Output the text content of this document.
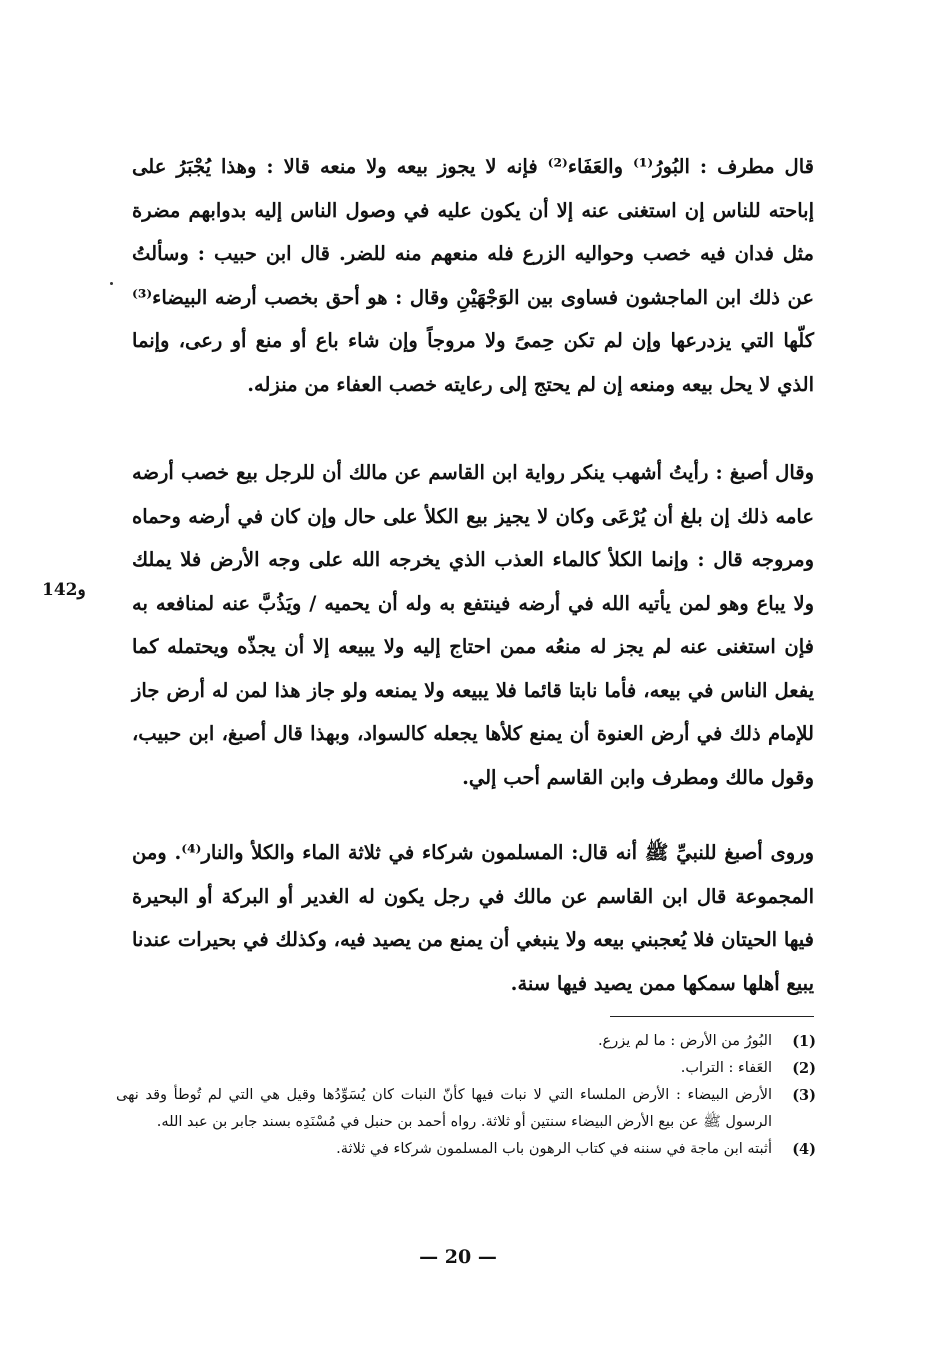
قال مطرف : البُورُ⁽¹⁾ والعَفَاء⁽²⁾ فإنه لا يجوز بيعه ولا منعه قالا : وهذا يُجْبَرُ على إباحته للناس إن استغنى عنه إلا أن يكون عليه في وصول الناس إليه بدوابهم مضرة مثل فدان فيه خصب وحواليه الزرع فله منعهم منه للضر. قال ابن حبيب : وسألتُ عن ذلك ابن الماجشون فساوى بين الوَجْهَيْنِ وقال : هو أحق بخصب أرضه البيضاء⁽³⁾ كلّها التي يزدرعها وإن لم تكن حِمىً ولا مروجاً وإن شاء باع أو منع أو رعى، وإنما الذي لا يحل بيعه ومنعه إن لم يحتج إلى رعايته خصب العفاء من منزله.

وقال أصبغ : رأيتُ أشهب ينكر رواية ابن القاسم عن مالك أن للرجل بيع خصب أرضه عامه ذلك إن بلغ أن يُرْعَى وكان لا يجيز بيع الكلأ على حال وإن كان في أرضه وحماه ومروجه قال : وإنما الكلأ كالماء العذب الذي يخرجه الله على وجه الأرض فلا يملك ولا يباع وهو لمن يأتيه الله في أرضه فينتفع به وله أن يحميه / ويَذُبَّ عنه لمنافعه به فإن استغنى عنه لم يجز له منعُه ممن احتاج إليه ولا يبيعه إلا أن يجذّه ويحتمله كما يفعل الناس في بيعه، فأما نابتا قائما فلا يبيعه ولا يمنعه ولو جاز هذا لمن له أرض جاز للإمام ذلك في أرض العنوة أن يمنع كلأها يجعله كالسواد، وبهذا قال أصبغ، ابن حبيب، وقول مالك ومطرف وابن القاسم أحب إلي.

وروى أصبغ للنبيِّ ﷺ أنه قال: المسلمون شركاء في ثلاثة الماء والكلأ والنار⁽⁴⁾. ومن المجموعة قال ابن القاسم عن مالك في رجل يكون له الغدير أو البركة أو البحيرة فيها الحيتان فلا يُعجبني بيعه ولا ينبغي أن يمنع من يصيد فيه، وكذلك في بحيرات عندنا يبيع أهلها سمكها ممن يصيد فيها سنة.

142و
(1)
البُورُ من الأرض : ما لم يزرع.
(2)
العَفاء : التراب.
(3)
الأرض البيضاء : الأرض الملساء التي لا نبات فيها كأنّ النبات كان يُسَوِّدُها وقيل هي التي لم تُوطأ وقد نهى الرسول ﷺ عن بيع الأرض البيضاء سنتين أو ثلاثة. رواه أحمد بن حنبل في مُسْنَدِه بسند جابر بن عبد الله.
(4)
أثبته ابن ماجة في سننه في كتاب الرهون باب المسلمون شركاء في ثلاثة.
— 20 —
